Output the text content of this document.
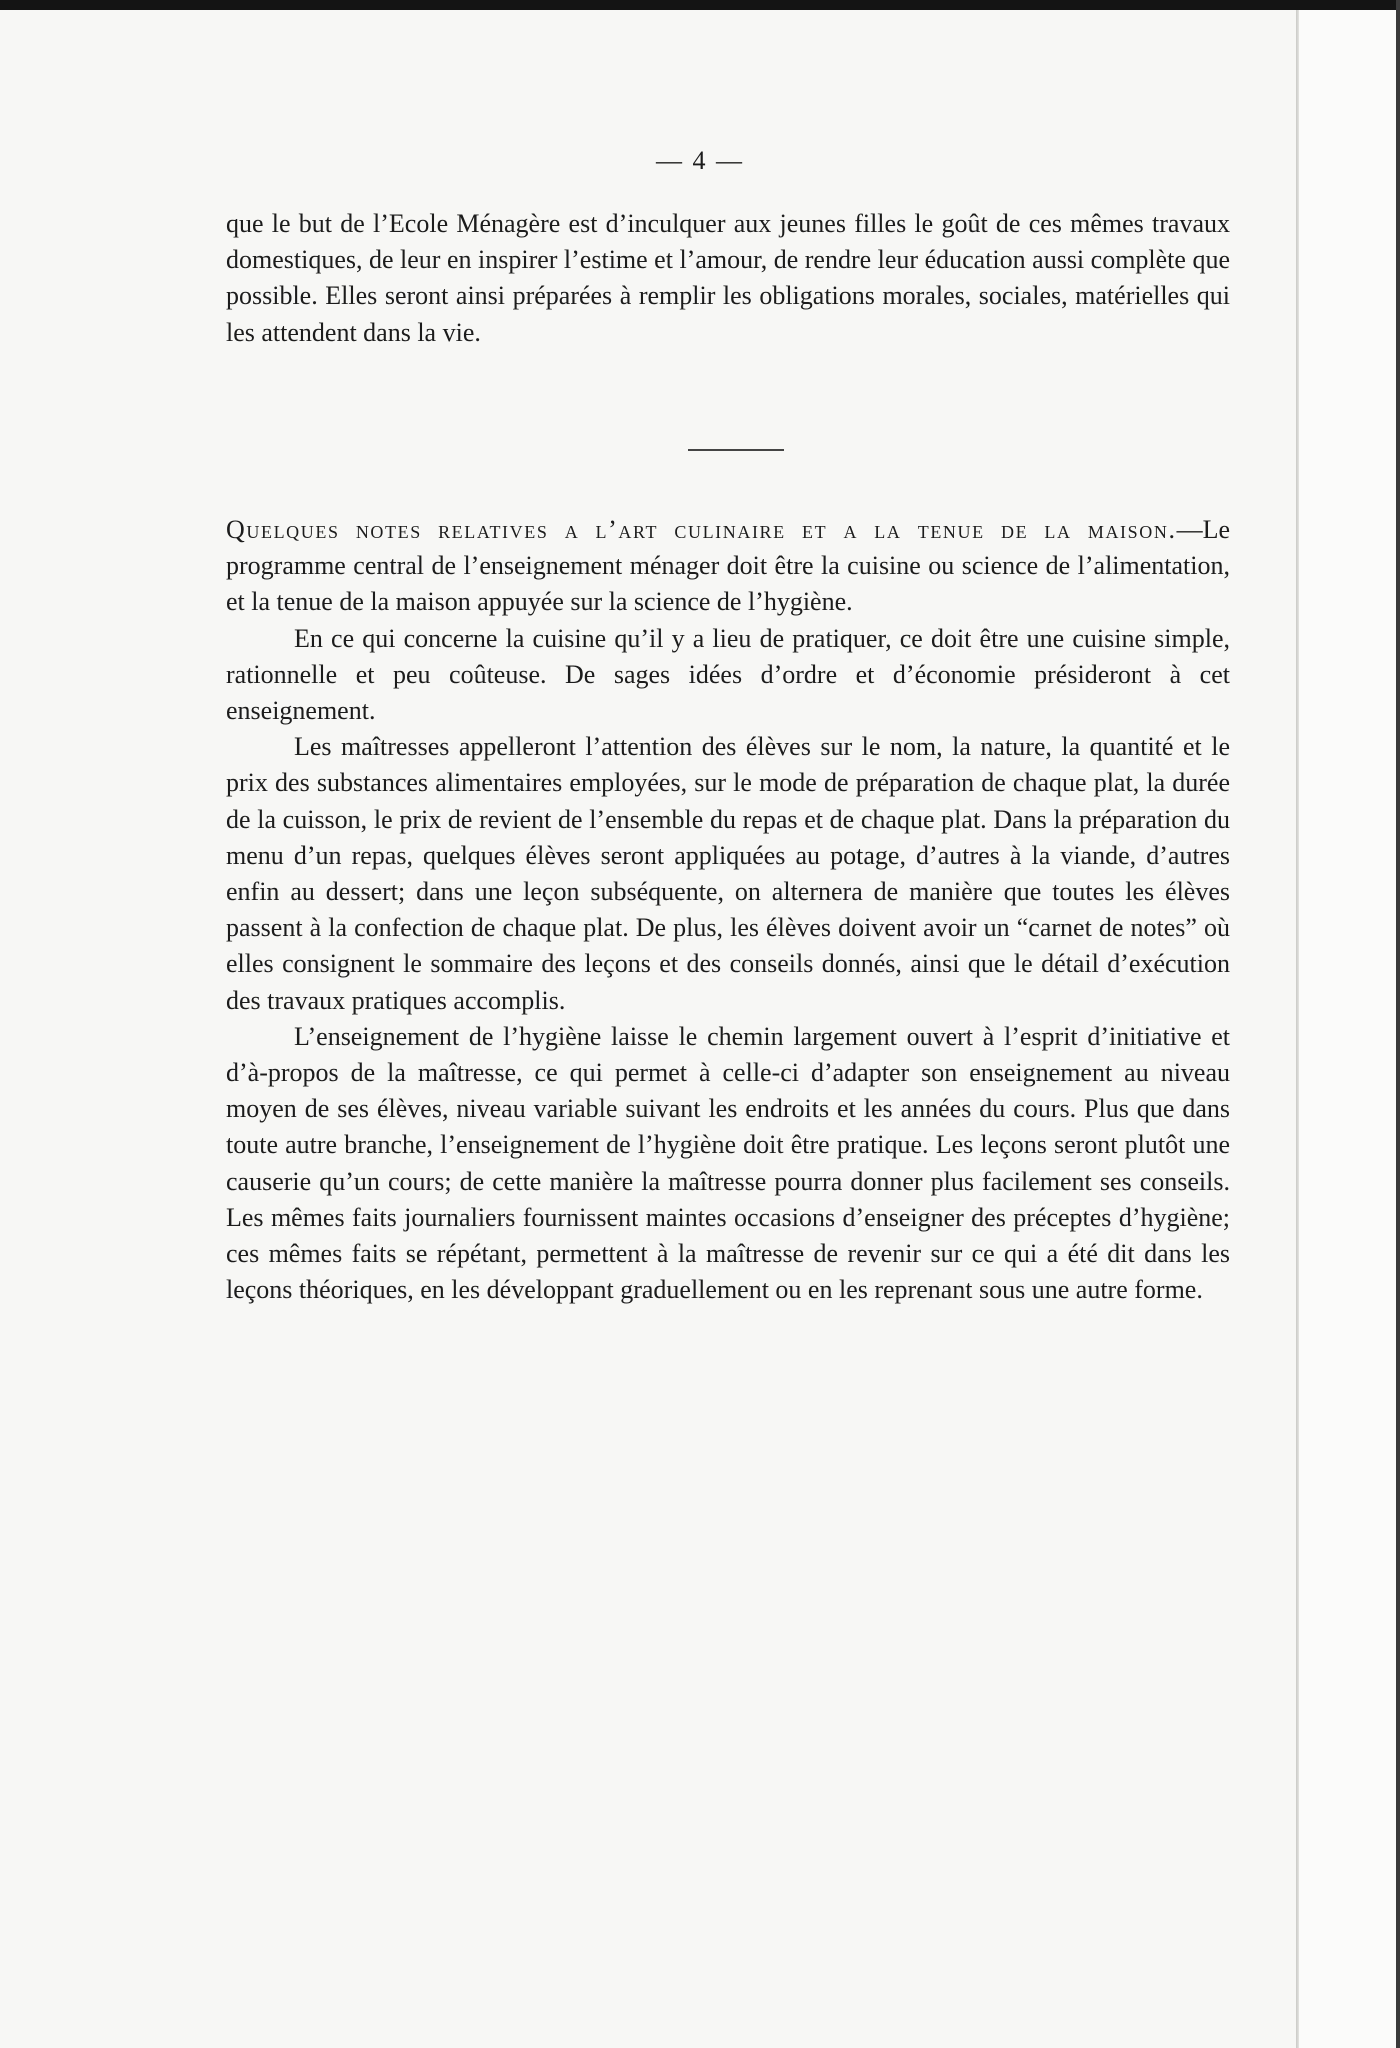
— 4 —

que le but de l’Ecole Ménagère est d’inculquer aux jeunes filles le goût de ces mêmes travaux domestiques, de leur en inspirer l’estime et l’amour, de rendre leur éducation aussi complète que possible. Elles seront ainsi préparées à remplir les obligations morales, sociales, matérielles qui les attendent dans la vie.

Quelques notes relatives a l’art culinaire et a la tenue de la maison.—Le programme central de l’enseignement ménager doit être la cuisine ou science de l’alimentation, et la tenue de la maison appuyée sur la science de l’hygiène.

En ce qui concerne la cuisine qu’il y a lieu de pratiquer, ce doit être une cuisine simple, rationnelle et peu coûteuse. De sages idées d’ordre et d’économie présideront à cet enseignement.

Les maîtresses appelleront l’attention des élèves sur le nom, la nature, la quantité et le prix des substances alimentaires employées, sur le mode de préparation de chaque plat, la durée de la cuisson, le prix de revient de l’ensemble du repas et de chaque plat. Dans la préparation du menu d’un repas, quelques élèves seront appliquées au potage, d’autres à la viande, d’autres enfin au dessert; dans une leçon subséquente, on alternera de manière que toutes les élèves passent à la confection de chaque plat. De plus, les élèves doivent avoir un “carnet de notes” où elles consignent le sommaire des leçons et des conseils donnés, ainsi que le détail d’exécution des travaux pratiques accomplis.

L’enseignement de l’hygiène laisse le chemin largement ouvert à l’esprit d’initiative et d’à-propos de la maîtresse, ce qui permet à celle-ci d’adapter son enseignement au niveau moyen de ses élèves, niveau variable suivant les endroits et les années du cours. Plus que dans toute autre branche, l’enseignement de l’hygiène doit être pratique. Les leçons seront plutôt une causerie qu’un cours; de cette manière la maîtresse pourra donner plus facilement ses conseils. Les mêmes faits journaliers fournissent maintes occasions d’enseigner des préceptes d’hygiène; ces mêmes faits se répétant, permettent à la maîtresse de revenir sur ce qui a été dit dans les leçons théoriques, en les développant graduellement ou en les reprenant sous une autre forme.
